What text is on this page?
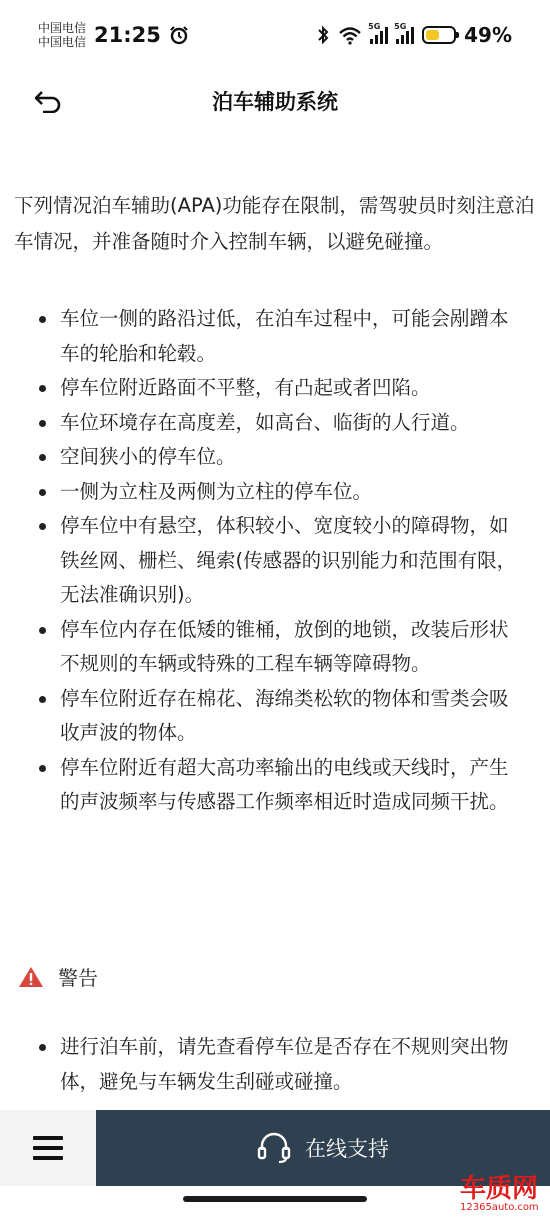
中国电信
中国电信 21:25	5G 5G	49%
泊车辅助系统

下列情况泊车辅助(APA)功能存在限制，需驾驶员时刻注意泊车情况，并准备随时介入控制车辆，以避免碰撞。

车位一侧的路沿过低，在泊车过程中，可能会剐蹭本车的轮胎和轮毂。
停车位附近路面不平整，有凸起或者凹陷。
车位环境存在高度差，如高台、临街的人行道。
空间狭小的停车位。
一侧为立柱及两侧为立柱的停车位。
停车位中有悬空，体积较小、宽度较小的障碍物，如铁丝网、栅栏、绳索(传感器的识别能力和范围有限，无法准确识别)。
停车位内存在低矮的锥桶，放倒的地锁，改装后形状不规则的车辆或特殊的工程车辆等障碍物。
停车位附近存在棉花、海绵类松软的物体和雪类会吸收声波的物体。
停车位附近有超大高功率输出的电线或天线时，产生的声波频率与传感器工作频率相近时造成同频干扰。
警告
进行泊车前，请先查看停车位是否存在不规则突出物体，避免与车辆发生刮碰或碰撞。
在线支持
车质网
12365auto.com
